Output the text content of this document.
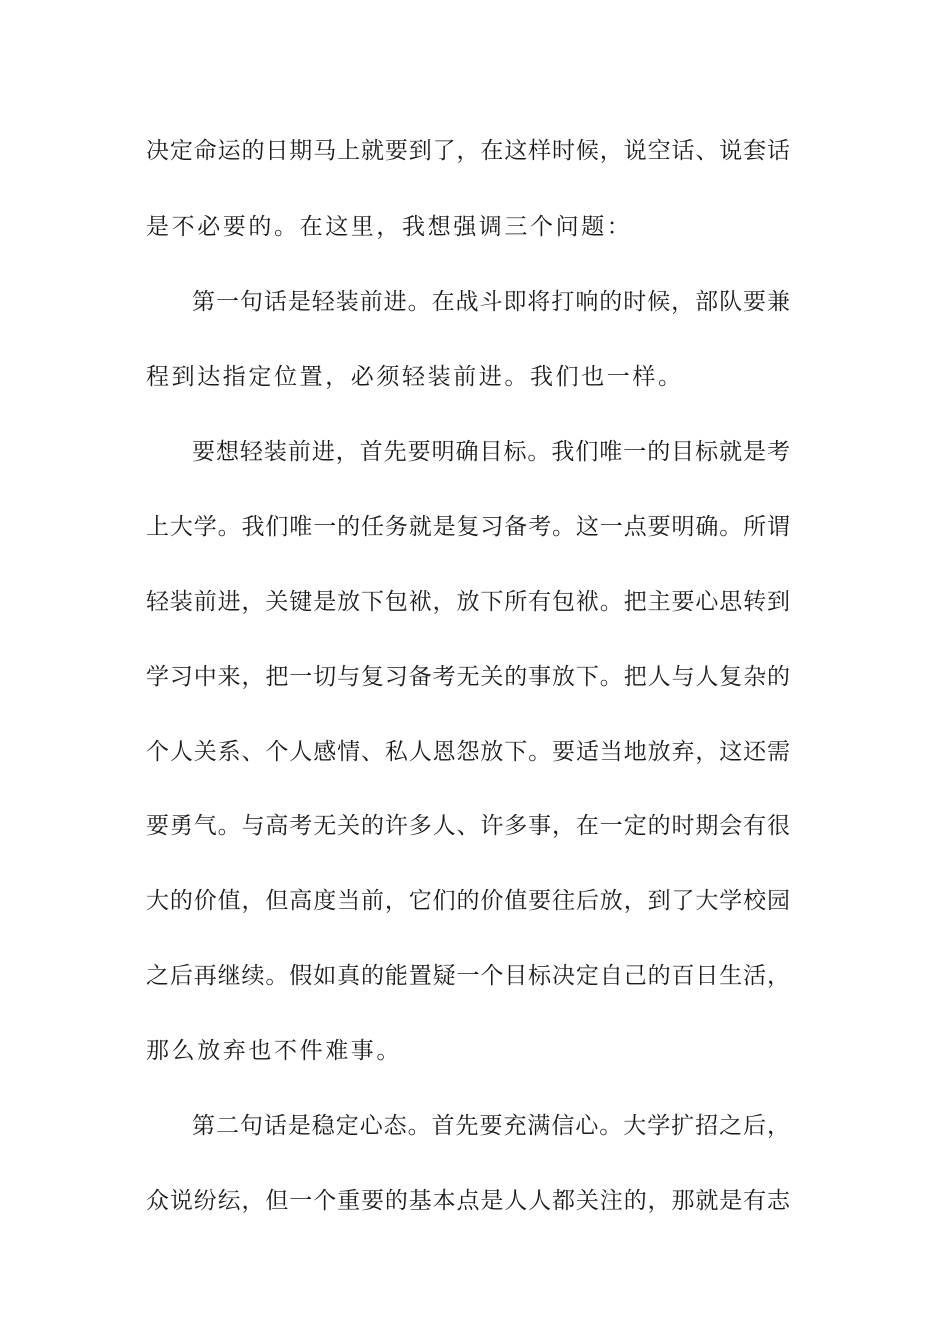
决定命运的日期马上就要到了，在这样时候，说空话、说套话
是不必要的。在这里，我想强调三个问题：
第一句话是轻装前进。在战斗即将打响的时候，部队要兼
程到达指定位置，必须轻装前进。我们也一样。
要想轻装前进，首先要明确目标。我们唯一的目标就是考
上大学。我们唯一的任务就是复习备考。这一点要明确。所谓
轻装前进，关键是放下包袱，放下所有包袱。把主要心思转到
学习中来，把一切与复习备考无关的事放下。把人与人复杂的
个人关系、个人感情、私人恩怨放下。要适当地放弃，这还需
要勇气。与高考无关的许多人、许多事，在一定的时期会有很
大的价值，但高度当前，它们的价值要往后放，到了大学校园
之后再继续。假如真的能置疑一个目标决定自己的百日生活，
那么放弃也不件难事。
第二句话是稳定心态。首先要充满信心。大学扩招之后，
众说纷纭，但一个重要的基本点是人人都关注的，那就是有志
